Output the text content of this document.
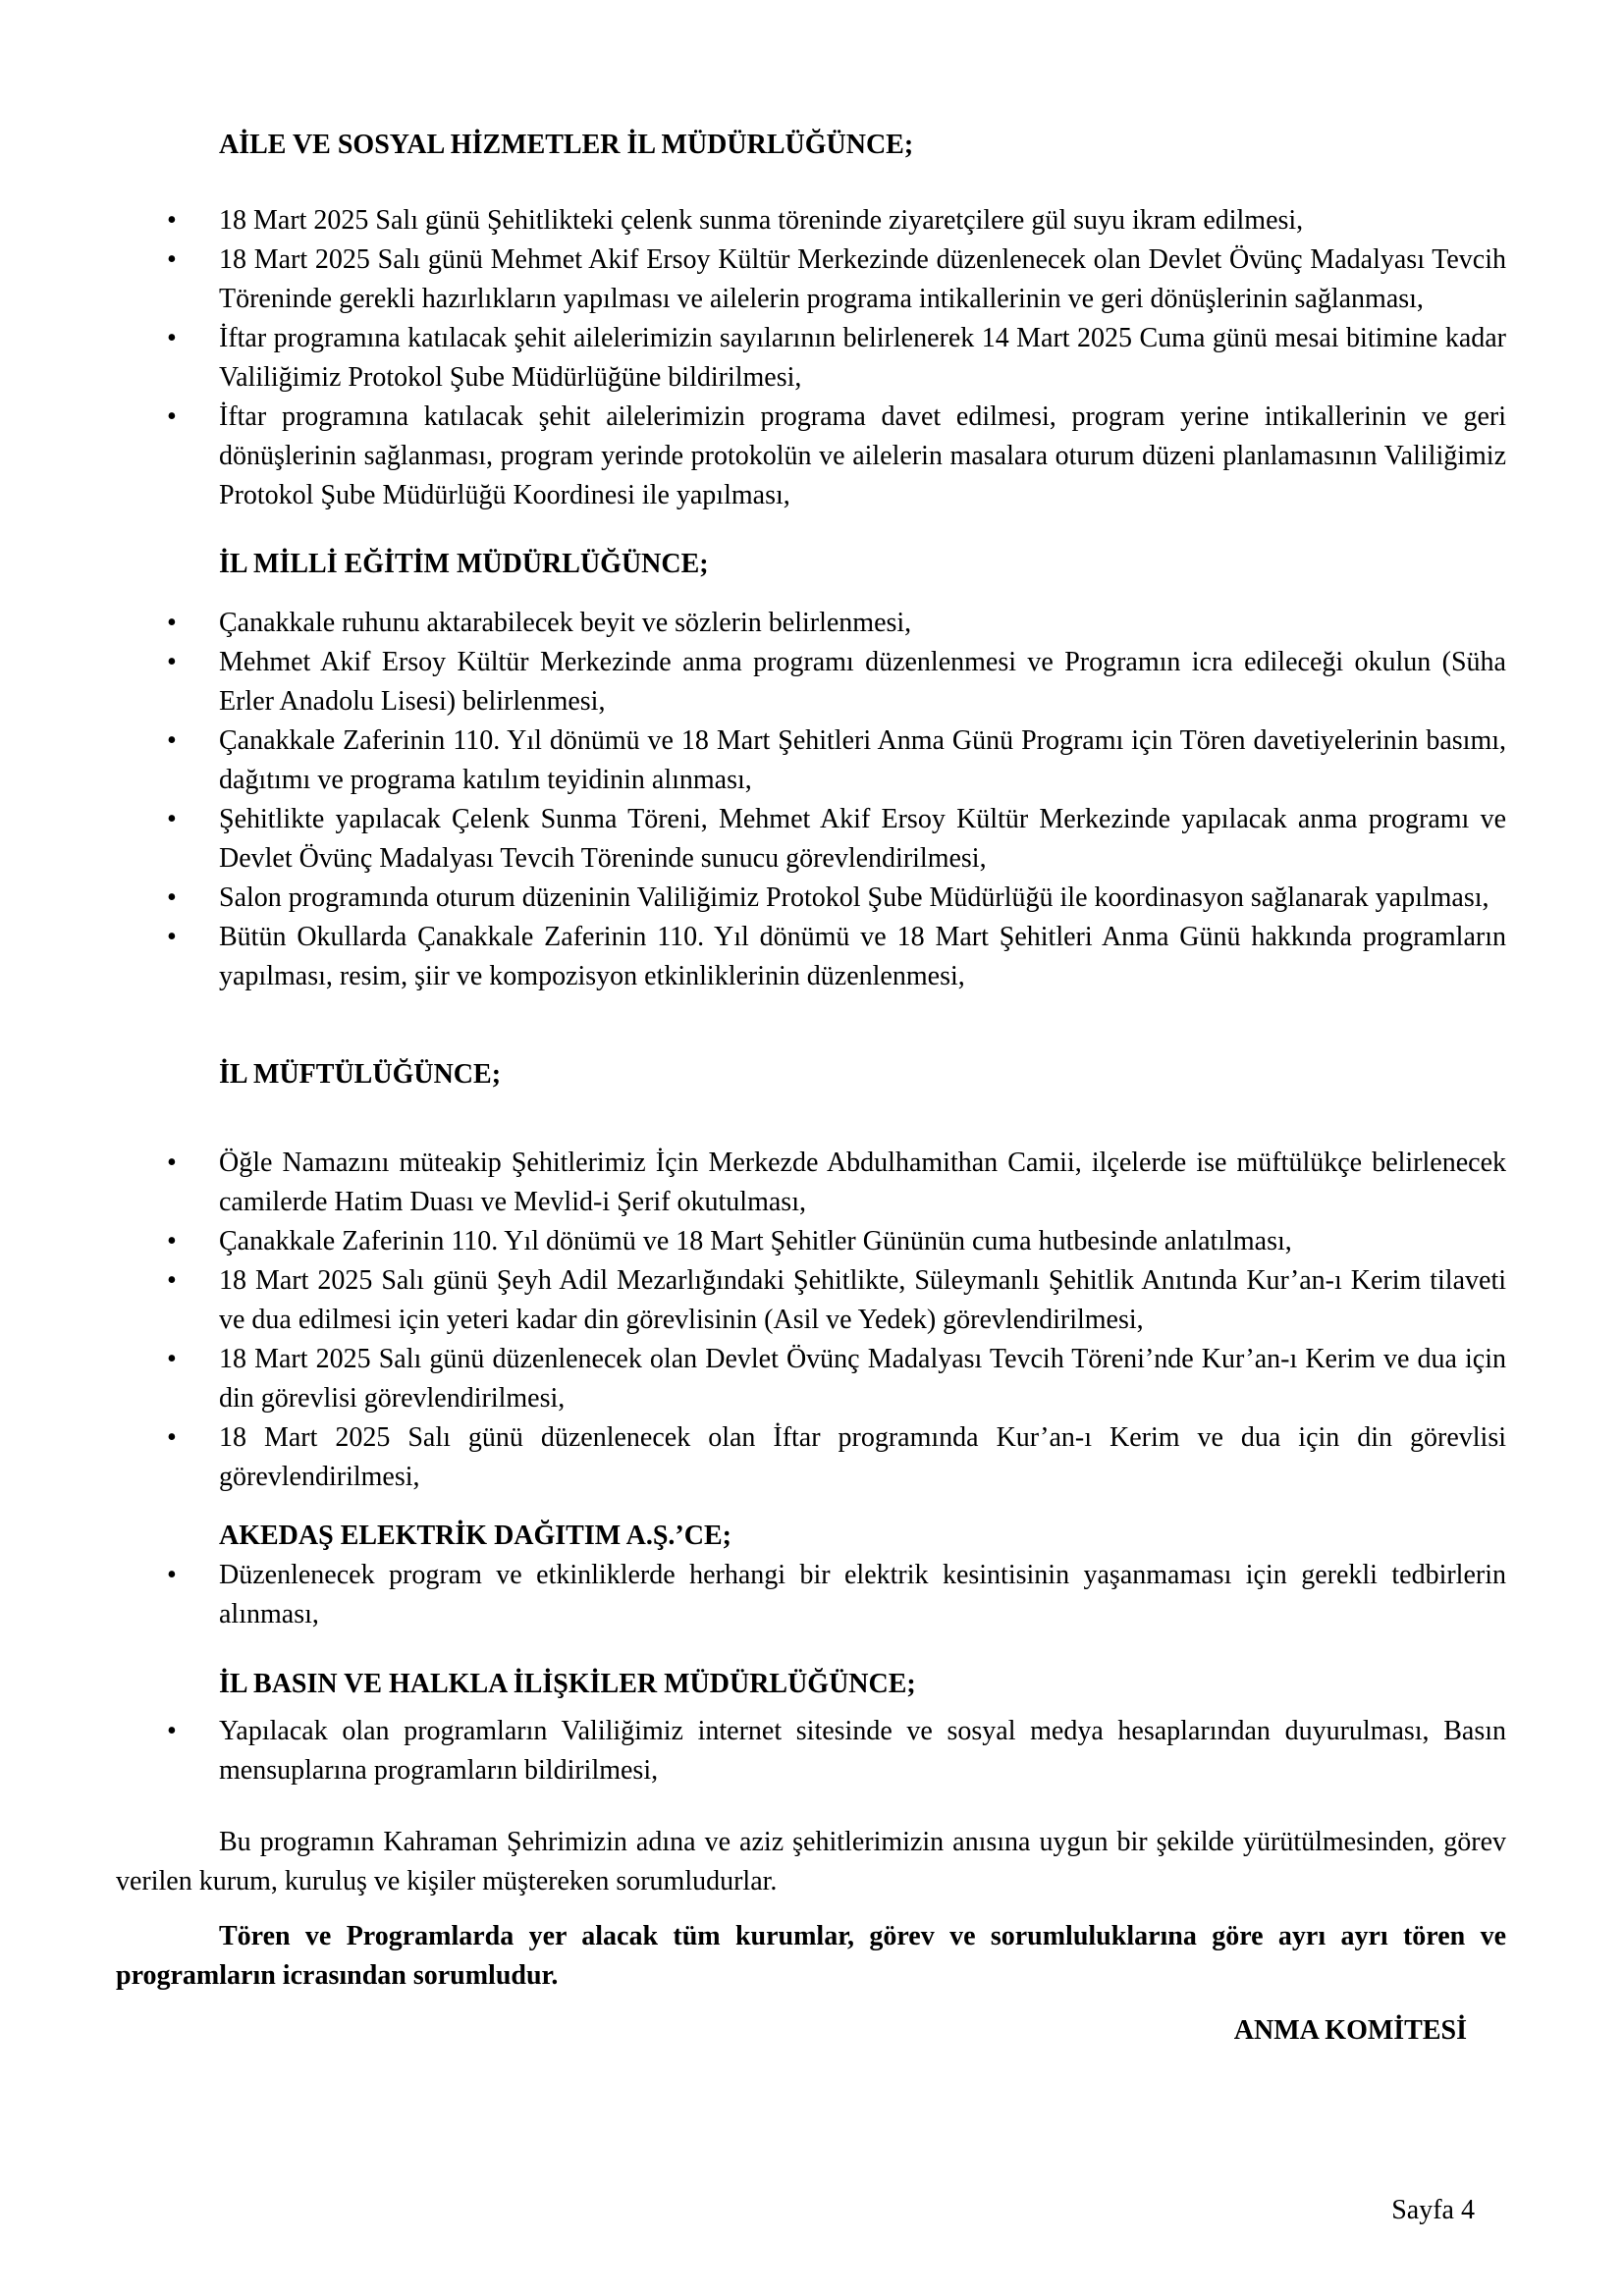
AİLE VE SOSYAL HİZMETLER İL MÜDÜRLÜĞÜNCE;

•	18 Mart 2025 Salı günü Şehitlikteki çelenk sunma töreninde ziyaretçilere gül suyu ikram edilmesi,
•	18 Mart 2025 Salı günü Mehmet Akif Ersoy Kültür Merkezinde düzenlenecek olan Devlet Övünç Madalyası Tevcih Töreninde gerekli hazırlıkların yapılması ve ailelerin programa intikallerinin ve geri dönüşlerinin sağlanması,
•	İftar programına katılacak şehit ailelerimizin sayılarının belirlenerek 14 Mart 2025 Cuma günü mesai bitimine kadar Valiliğimiz Protokol Şube Müdürlüğüne bildirilmesi,
•	İftar programına katılacak şehit ailelerimizin programa davet edilmesi, program yerine intikallerinin ve geri dönüşlerinin sağlanması, program yerinde protokolün ve ailelerin masalara oturum düzeni planlamasının Valiliğimiz Protokol Şube Müdürlüğü Koordinesi ile yapılması,

İL MİLLİ EĞİTİM MÜDÜRLÜĞÜNCE;

•	Çanakkale ruhunu aktarabilecek beyit ve sözlerin belirlenmesi,
•	Mehmet Akif Ersoy Kültür Merkezinde anma programı düzenlenmesi ve Programın icra edileceği okulun (Süha Erler Anadolu Lisesi) belirlenmesi,
•	Çanakkale Zaferinin 110. Yıl dönümü ve 18 Mart Şehitleri Anma Günü Programı için Tören davetiyelerinin basımı, dağıtımı ve programa katılım teyidinin alınması,
•	Şehitlikte yapılacak Çelenk Sunma Töreni, Mehmet Akif Ersoy Kültür Merkezinde yapılacak anma programı ve Devlet Övünç Madalyası Tevcih Töreninde sunucu görevlendirilmesi,
•	Salon programında oturum düzeninin Valiliğimiz Protokol Şube Müdürlüğü ile koordinasyon sağlanarak yapılması,
•	Bütün Okullarda Çanakkale Zaferinin 110. Yıl dönümü ve 18 Mart Şehitleri Anma Günü hakkında programların yapılması, resim, şiir ve kompozisyon etkinliklerinin düzenlenmesi,

İL MÜFTÜLÜĞÜNCE;

•	Öğle Namazını müteakip Şehitlerimiz İçin Merkezde Abdulhamithan Camii, ilçelerde ise müftülükçe belirlenecek camilerde Hatim Duası ve Mevlid-i Şerif okutulması,
•	Çanakkale Zaferinin 110. Yıl dönümü ve 18 Mart Şehitler Gününün cuma hutbesinde anlatılması,
•	18 Mart 2025 Salı günü Şeyh Adil Mezarlığındaki Şehitlikte, Süleymanlı Şehitlik Anıtında Kur’an-ı Kerim tilaveti ve dua edilmesi için yeteri kadar din görevlisinin (Asil ve Yedek) görevlendirilmesi,
•	18 Mart 2025 Salı günü düzenlenecek olan Devlet Övünç Madalyası Tevcih Töreni’nde Kur’an-ı Kerim ve dua için din görevlisi görevlendirilmesi,
•	18 Mart 2025 Salı günü düzenlenecek olan İftar programında Kur’an-ı Kerim ve dua için din görevlisi görevlendirilmesi,

AKEDAŞ ELEKTRİK DAĞITIM A.Ş.’CE;

•	Düzenlenecek program ve etkinliklerde herhangi bir elektrik kesintisinin yaşanmaması için gerekli tedbirlerin alınması,

İL BASIN VE HALKLA İLİŞKİLER MÜDÜRLÜĞÜNCE;

•	Yapılacak olan programların Valiliğimiz internet sitesinde ve sosyal medya hesaplarından duyurulması, Basın mensuplarına programların bildirilmesi,

Bu programın Kahraman Şehrimizin adına ve aziz şehitlerimizin anısına uygun bir şekilde yürütülmesinden, görev verilen kurum, kuruluş ve kişiler müştereken sorumludurlar.

Tören ve Programlarda yer alacak tüm kurumlar, görev ve sorumluluklarına göre ayrı ayrı tören ve programların icrasından sorumludur.

ANMA KOMİTESİ

Sayfa 4
